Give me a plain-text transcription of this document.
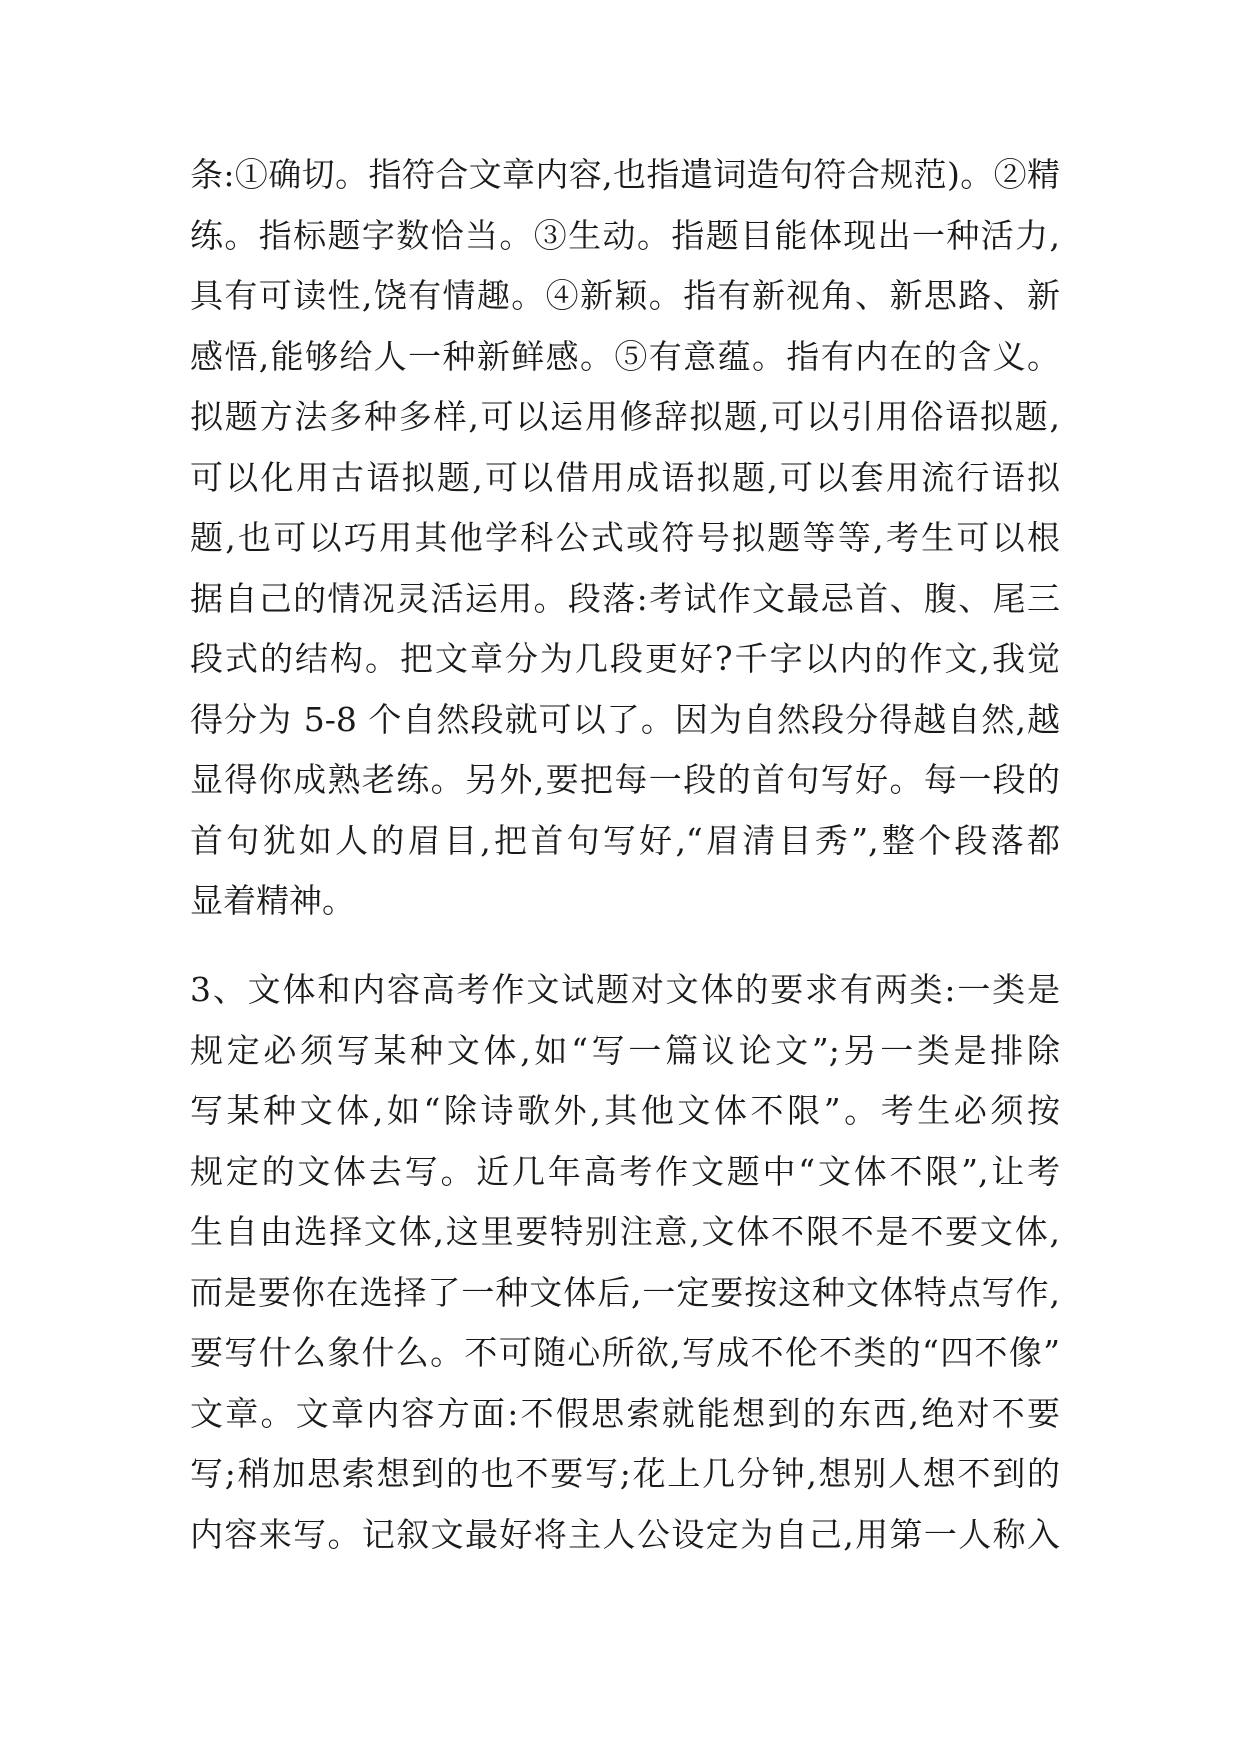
条:①确切。指符合文章内容,也指遣词造句符合规范)。②精
练。指标题字数恰当。③生动。指题目能体现出一种活力,
具有可读性,饶有情趣。④新颖。指有新视角、新思路、新
感悟,能够给人一种新鲜感。⑤有意蕴。指有内在的含义。
拟题方法多种多样,可以运用修辞拟题,可以引用俗语拟题,
可以化用古语拟题,可以借用成语拟题,可以套用流行语拟
题,也可以巧用其他学科公式或符号拟题等等,考生可以根
据自己的情况灵活运用。段落:考试作文最忌首、腹、尾三
段式的结构。把文章分为几段更好?千字以内的作文,我觉
得分为 5-8 个自然段就可以了。因为自然段分得越自然,越
显得你成熟老练。另外,要把每一段的首句写好。每一段的
首句犹如人的眉目,把首句写好,“眉清目秀”,整个段落都
显着精神。
3、文体和内容高考作文试题对文体的要求有两类:一类是
规定必须写某种文体,如“写一篇议论文”;另一类是排除
写某种文体,如“除诗歌外,其他文体不限”。考生必须按
规定的文体去写。近几年高考作文题中“文体不限”,让考
生自由选择文体,这里要特别注意,文体不限不是不要文体,
而是要你在选择了一种文体后,一定要按这种文体特点写作,
要写什么象什么。不可随心所欲,写成不伦不类的“四不像”
文章。文章内容方面:不假思索就能想到的东西,绝对不要
写;稍加思索想到的也不要写;花上几分钟,想别人想不到的
内容来写。记叙文最好将主人公设定为自己,用第一人称入
